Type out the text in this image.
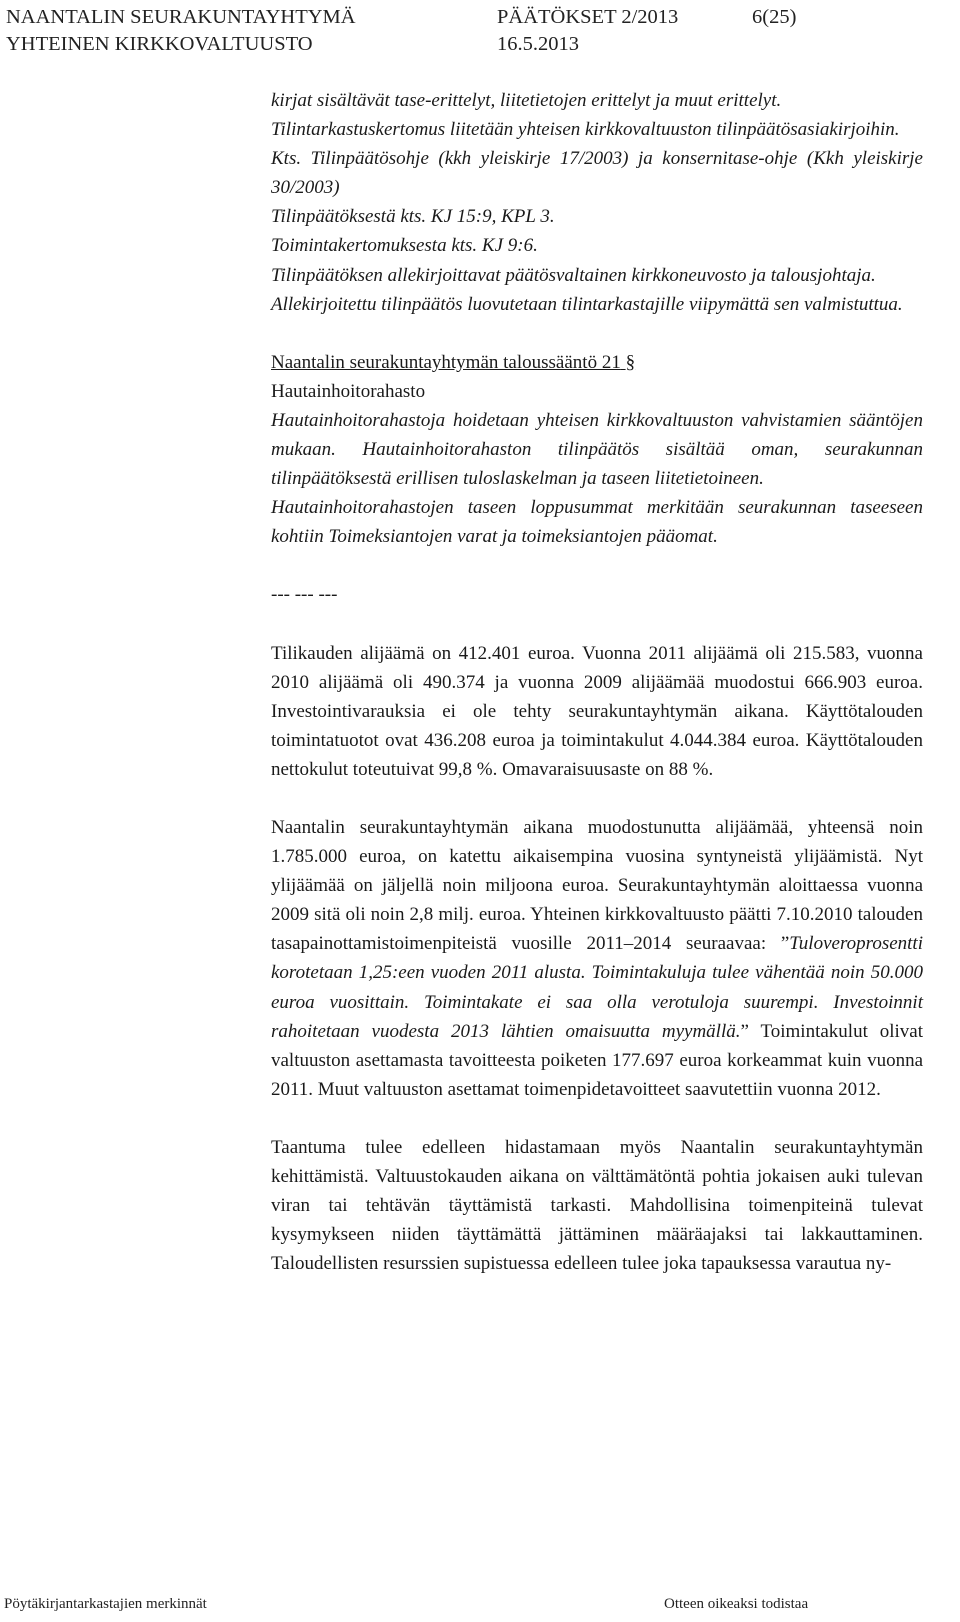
NAANTALIN SEURAKUNTAYHTYMÄ	PÄÄTÖKSET 2/2013	6(25)
YHTEINEN KIRKKOVALTUUSTO	16.5.2013

kirjat sisältävät tase-erittelyt, liitetietojen erittelyt ja muut erittelyt.

Tilintarkastuskertomus liitetään yhteisen kirkkovaltuuston tilinpäätösasiakirjoihin.

Kts. Tilinpäätösohje (kkh yleiskirje 17/2003) ja konsernitase-ohje (Kkh yleiskirje 30/2003)

Tilinpäätöksestä kts. KJ 15:9, KPL 3.

Toimintakertomuksesta kts. KJ 9:6.

Tilinpäätöksen allekirjoittavat päätösvaltainen kirkkoneuvosto ja talousjohtaja.

Allekirjoitettu tilinpäätös luovutetaan tilintarkastajille viipymättä sen valmistuttua.

Naantalin seurakuntayhtymän taloussääntö 21 §

Hautainhoitorahasto

Hautainhoitorahastoja hoidetaan yhteisen kirkkovaltuuston vahvistamien sääntöjen mukaan. Hautainhoitorahaston tilinpäätös sisältää oman, seurakunnan tilinpäätöksestä erillisen tuloslaskelman ja taseen liitetietoineen.

Hautainhoitorahastojen taseen loppusummat merkitään seurakunnan taseeseen kohtiin Toimeksiantojen varat ja toimeksiantojen pääomat.

--- --- ---

Tilikauden alijäämä on 412.401 euroa. Vuonna 2011 alijäämä oli 215.583, vuonna 2010 alijäämä oli 490.374 ja vuonna 2009 alijäämää muodostui 666.903 euroa. Investointivarauksia ei ole tehty seurakuntayhtymän aikana. Käyttötalouden toimintatuotot ovat 436.208 euroa ja toimintakulut 4.044.384 euroa. Käyttötalouden nettokulut toteutuivat 99,8 %. Omavaraisuusaste on 88 %.

Naantalin seurakuntayhtymän aikana muodostunutta alijäämää, yhteensä noin 1.785.000 euroa, on katettu aikaisempina vuosina syntyneistä ylijäämistä. Nyt ylijäämää on jäljellä noin miljoona euroa. Seurakuntayhtymän aloittaessa vuonna 2009 sitä oli noin 2,8 milj. euroa. Yhteinen kirkkovaltuusto päätti 7.10.2010 talouden tasapainottamistoimenpiteistä vuosille 2011–2014 seuraavaa: ”Tuloveroprosentti korotetaan 1,25:een vuoden 2011 alusta. Toimintakuluja tulee vähentää noin 50.000 euroa vuosittain. Toimintakate ei saa olla verotuloja suurempi. Investoinnit rahoitetaan vuodesta 2013 lähtien omaisuutta myymällä.” Toimintakulut olivat valtuuston asettamasta tavoitteesta poiketen 177.697 euroa korkeammat kuin vuonna 2011. Muut valtuuston asettamat toimenpidetavoitteet saavutettiin vuonna 2012.

Taantuma tulee edelleen hidastamaan myös Naantalin seurakuntayhtymän kehittämistä. Valtuustokauden aikana on välttämätöntä pohtia jokaisen auki tulevan viran tai tehtävän täyttämistä tarkasti. Mahdollisina toimenpiteinä tulevat kysymykseen niiden täyttämättä jättäminen määräajaksi tai lakkauttaminen. Taloudellisten resurssien supistuessa edelleen tulee joka tapauksessa varautua ny-

Pöytäkirjantarkastajien merkinnät	Otteen oikeaksi todistaa
